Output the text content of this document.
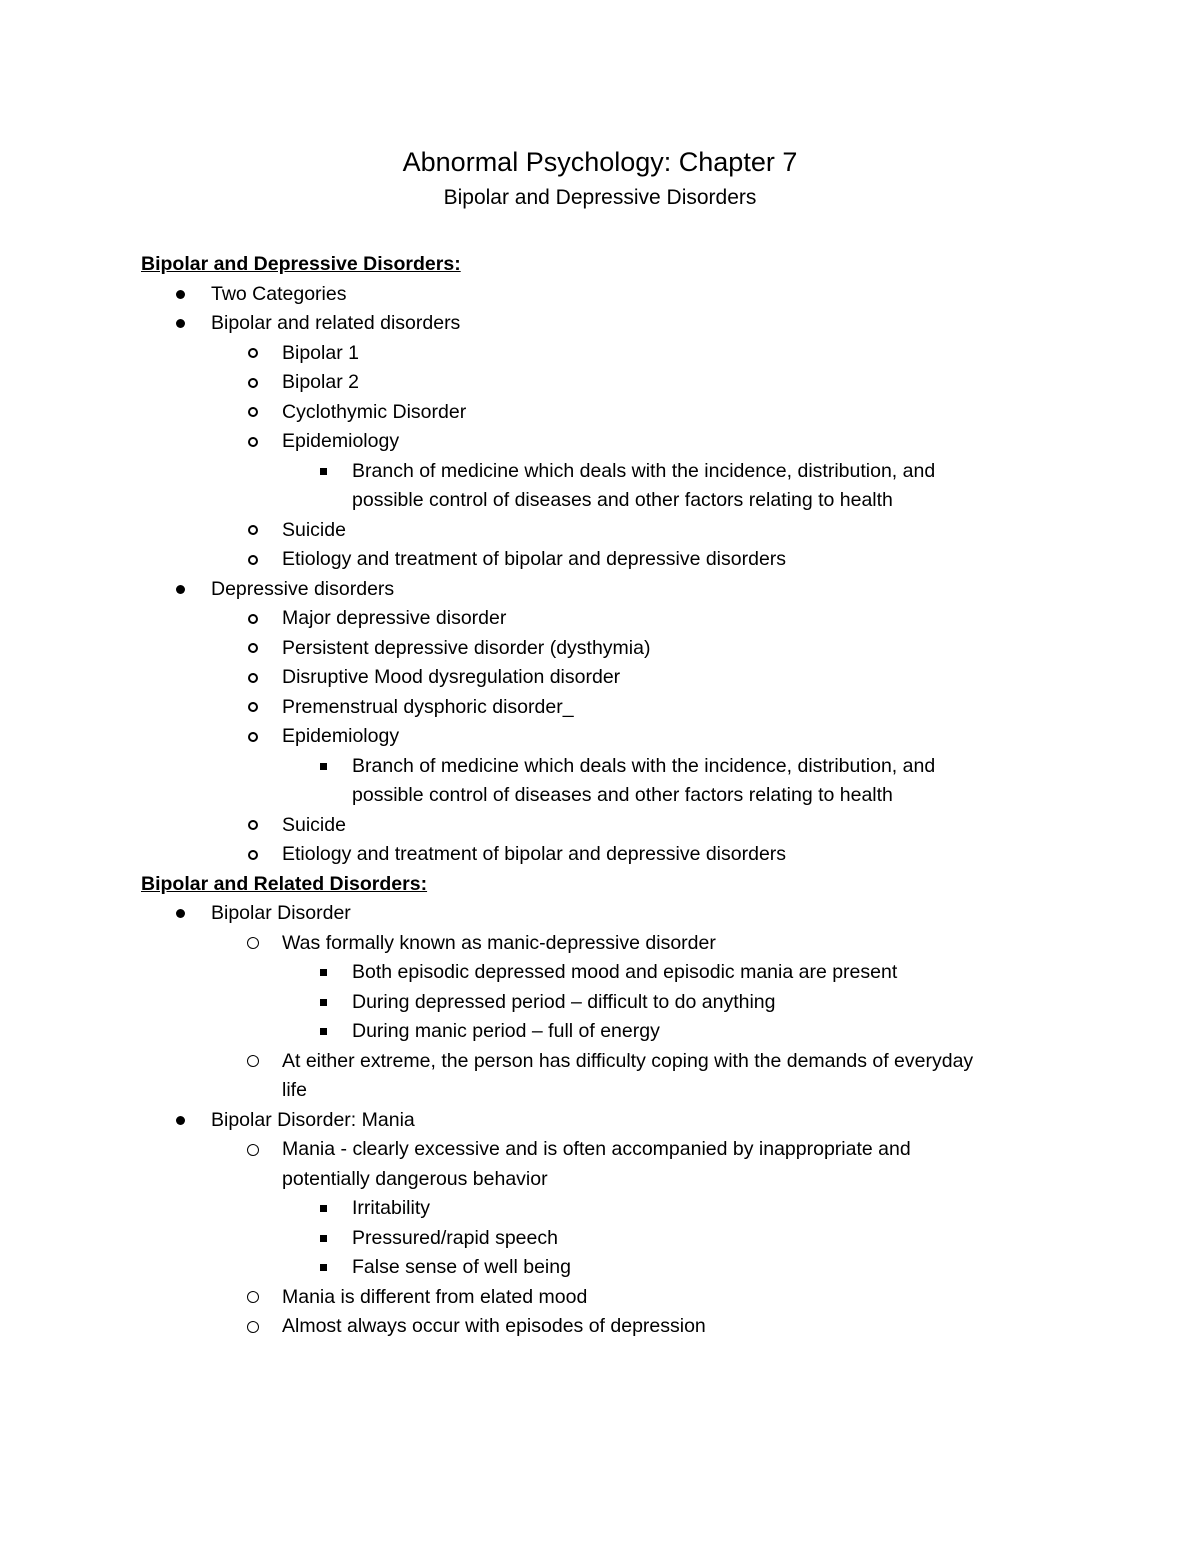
Abnormal Psychology: Chapter 7
Bipolar and Depressive Disorders
Bipolar and Depressive Disorders:
Two Categories
Bipolar and related disorders
Bipolar 1
Bipolar 2
Cyclothymic Disorder
Epidemiology
Branch of medicine which deals with the incidence, distribution, and
possible control of diseases and other factors relating to health
Suicide
Etiology and treatment of bipolar and depressive disorders
Depressive disorders
Major depressive disorder
Persistent depressive disorder (dysthymia)
Disruptive Mood dysregulation disorder
Premenstrual dysphoric disorder_
Epidemiology
Branch of medicine which deals with the incidence, distribution, and
possible control of diseases and other factors relating to health
Suicide
Etiology and treatment of bipolar and depressive disorders
Bipolar and Related Disorders:
Bipolar Disorder
Was formally known as manic-depressive disorder
Both episodic depressed mood and episodic mania are present
During depressed period – difficult to do anything
During manic period – full of energy
At either extreme, the person has difficulty coping with the demands of everyday
life
Bipolar Disorder: Mania
Mania - clearly excessive and is often accompanied by inappropriate and
potentially dangerous behavior
Irritability
Pressured/rapid speech
False sense of well being
Mania is different from elated mood
Almost always occur with episodes of depression
